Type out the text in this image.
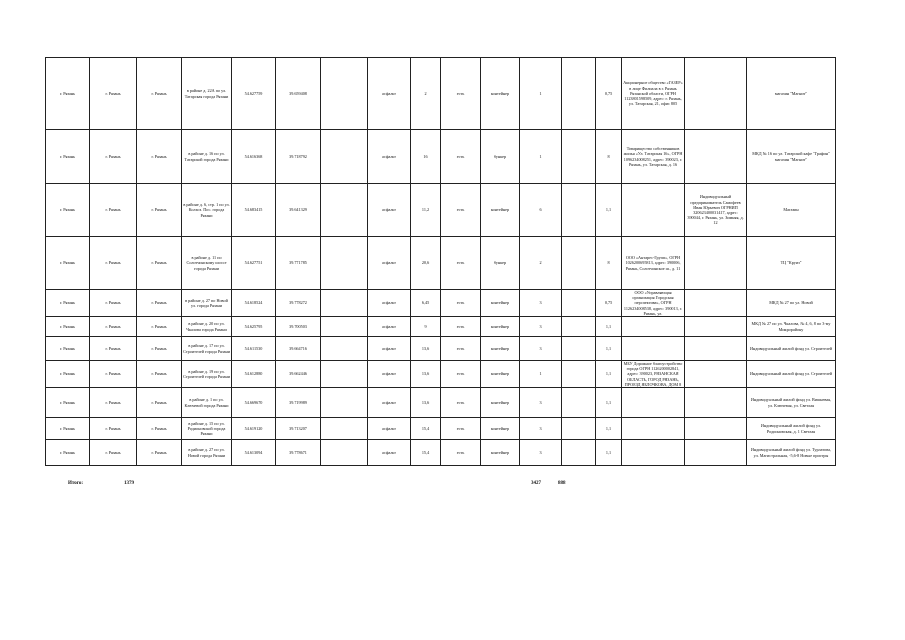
г. Рязань	г. Рязань	г. Рязань	в районе д. 22А по ул. Татарская города Рязани	54.627759	39.659408		асфальт	2	есть	контейнер	1		0,75	Акционерное общество «ГАЗЕР» в лице Филиала в г. Рязань Рязанской области, ОГРН 1123801598509, адрес: г. Рязань, ул. Татарская, 21, офис 805		магазин "Магнит"
г. Рязань	г. Рязань	г. Рязань	в районе д. 16 по ул. Татарской города Рязани	54.616368	39.718792		асфальт	16	есть	бункер	1		8	Товарищество собственников жилья «Ул. Татарская 16», ОГРН 1096234008251, адрес: 390023, г. Рязань, ул. Татарская, д. 16		МКД № 16 по ул. Татарской кафе "Графин" магазин "Магнит"
г. Рязань	г. Рязань	г. Рязань	в районе д. 6, стр. 1 по ул. Колхоз. Пос. города Рязани	54.683415	39.641329		асфальт	11,2	есть	контейнер	6		1,1		Индивидуальный предприниматель Самофеев Иван Юрьевич ОГРНИП 320623400031417, адрес: 390044, г. Рязань, ул. Зимняя, д. 12	Магазин
г. Рязань	г. Рязань	г. Рязань	в районе д. 11 по Солотчинскому шоссе города Рязани	54.627751	39.771785		асфальт	20,6	есть	бункер	2		8	ООО «Антарес-Групп», ОГРН 1026200695813, адрес: 390006, Рязань, Солотчинское ш., д. 11		ТЦ "Круиз"
г. Рязань	г. Рязань	г. Рязань	в районе д. 27 по Новой ул. города Рязани	54.618524	39.778272		асфальт	6,45	есть	контейнер	3		0,75	ООО «Управляющая организация Городская перспектива», ОГРН 1126234008538, адрес: 390013, г. Рязань, ул.		МКД № 27 по ул. Новой
г. Рязань	г. Рязань	г. Рязань	в районе д. 20 по ул. Чкалова города Рязани	54.625795	39.700503		асфальт	9	есть	контейнер	3		1,1			МКД № 27 по ул. Чкалова, № 4, 6, 8 по 3-му Микрорайону
г. Рязань	г. Рязань	г. Рязань	в районе д. 17 по ул. Строителей города Рязани	54.611530	39.664716		асфальт	13,6	есть	контейнер	3		1,1			Индивидуальный жилой фонд ул. Строителей
г. Рязань	г. Рязань	г. Рязань	в районе д. 19 по ул. Строителей города Рязани	54.612880	39.662446		асфальт	13,6	есть	контейнер	1		1,1	МБУ Дорожное благоустройство города ОГРН 1126200002841, адрес: 390023, РЯЗАНСКАЯ ОБЛАСТЬ, ГОРОД РЯЗАНЬ, ПРОЕЗД ЯБЛОЧКОВА, ДОМ 8		Индивидуальный жилой фонд ул. Строителей
г. Рязань	г. Рязань	г. Рязань	в районе д. 1 по ул. Ключевой города Рязани	54.669670	39.719989		асфальт	13,6	есть	контейнер	3		1,1			Индивидуальный жилой фонд ул. Вишневая, ул. Ключевая, ул. Светлая
г. Рязань	г. Рязань	г. Рязань	в районе д. 15 по ул. Родионовской города Рязани	54.619120	39.713207		асфальт	15,4	есть	контейнер	3		1,1			Индивидуальный жилой фонд ул. Родионовская, д. 1 Светлая
г. Рязань	г. Рязань	г. Рязань	в районе д. 27 по ул. Новой города Рязани	54.613094	39.778671		асфальт	15,4	есть	контейнер	3		1,1			Индивидуальный жилой фонд ул. Турлатова, ул. Магистральная, -5,6-8 Новые пристры
Итого:	1379	3427	888
